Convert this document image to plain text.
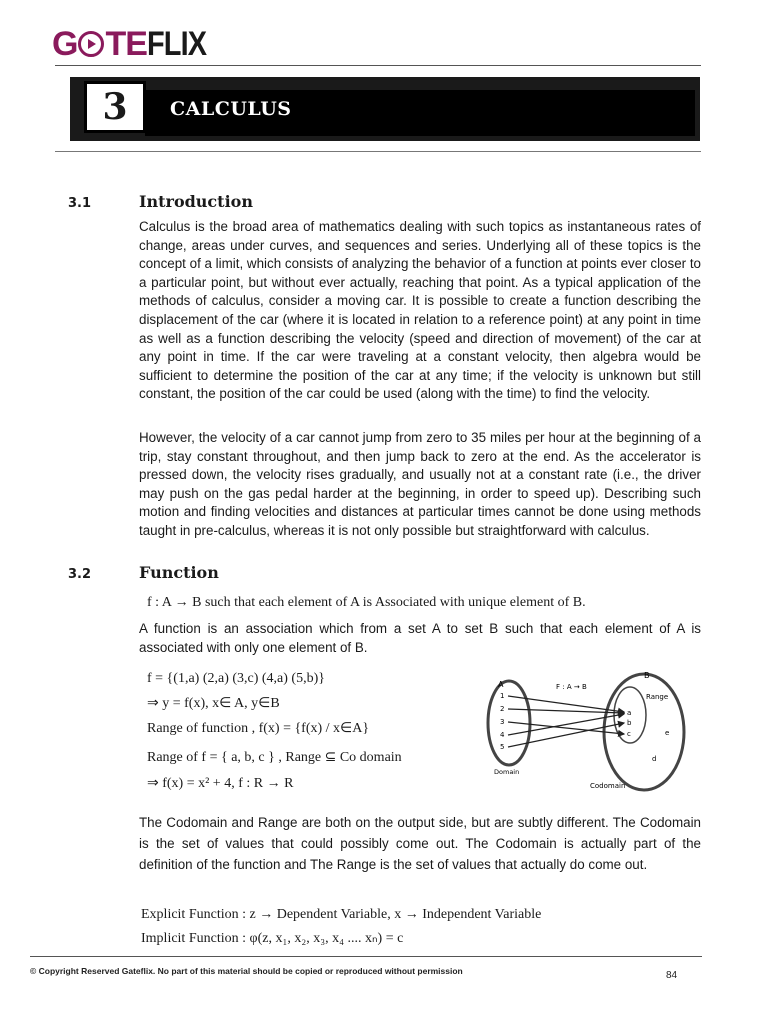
G TE FLIX
3	CALCULUS
3.1	Introduction
Calculus is the broad area of mathematics dealing with such topics as instantaneous rates of change, areas under curves, and sequences and series. Underlying all of these topics is the concept of a limit, which consists of analyzing the behavior of a function at points ever closer to a particular point, but without ever actually, reaching that point. As a typical application of the methods of calculus, consider a moving car. It is possible to create a function describing the displacement of the car (where it is located in relation to a reference point) at any point in time as well as a function describing the velocity (speed and direction of movement) of the car at any point in time. If the car were traveling at a constant velocity, then algebra would be sufficient to determine the position of the car at any time; if the velocity is unknown but still constant, the position of the car could be used (along with the time) to find the velocity.
However, the velocity of a car cannot jump from zero to 35 miles per hour at the beginning of a trip, stay constant throughout, and then jump back to zero at the end. As the accelerator is pressed down, the velocity rises gradually, and usually not at a constant rate (i.e., the driver may push on the gas pedal harder at the beginning, in order to speed up). Describing such motion and finding velocities and distances at particular times cannot be done using methods taught in pre-calculus, whereas it is not only possible but straightforward with calculus.
3.2	Function
f : A → B such that each element of A is Associated with unique element of B.
A function is an association which from a set A to set B such that each element of A is associated with only one element of B.
f = {(1,a) (2,a) (3,c) (4,a) (5,b)}
⇒ y = f(x), x∈ A, y∈B
Range of function , f(x) = {f(x) / x∈A}
Range of f = { a, b, c } , Range ⊆ Co domain
⇒ f(x) = x² + 4, f : R → R
A
B
F : A → B
1
2
3
4
5
a
b
c
Range
e
d
Domain
Codomain
The Codomain and Range are both on the output side, but are subtly different. The Codomain is the set of values that could possibly come out. The Codomain is actually part of the definition of the function and The Range is the set of values that actually do come out.
Explicit Function : z → Dependent Variable, x → Independent Variable
Implicit Function : φ(z, x₁, x₂, x₃, x₄ .... xₙ) = c
© Copyright Reserved Gateflix. No part of this material should be copied or reproduced without permission	84
